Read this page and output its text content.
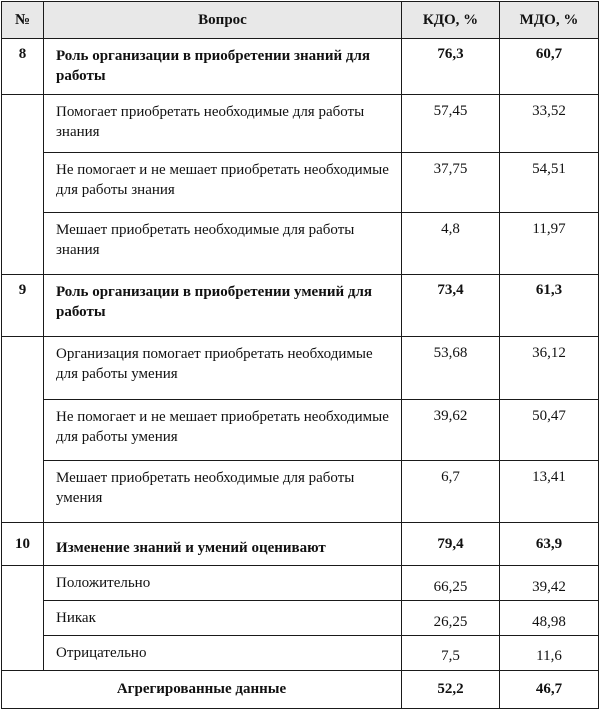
№	Вопрос	КДО, %	МДО, %
8	Роль организации в приобретении знаний для работы	76,3	60,7
	Помогает приобретать необходимые для работы знания	57,45	33,52
	Не помогает и не мешает приобретать необходимые для работы знания	37,75	54,51
	Мешает приобретать необходимые для работы знания	4,8	11,97
9	Роль организации в приобретении умений для работы	73,4	61,3
	Организация помогает приобретать необходимые для работы умения	53,68	36,12
	Не помогает и не мешает приобретать необходимые для работы умения	39,62	50,47
	Мешает приобретать необходимые для работы умения	6,7	13,41
10	Изменение знаний и умений оценивают	79,4	63,9
	Положительно	66,25	39,42
	Никак	26,25	48,98
	Отрицательно	7,5	11,6
Агрегированные данные		52,2	46,7
